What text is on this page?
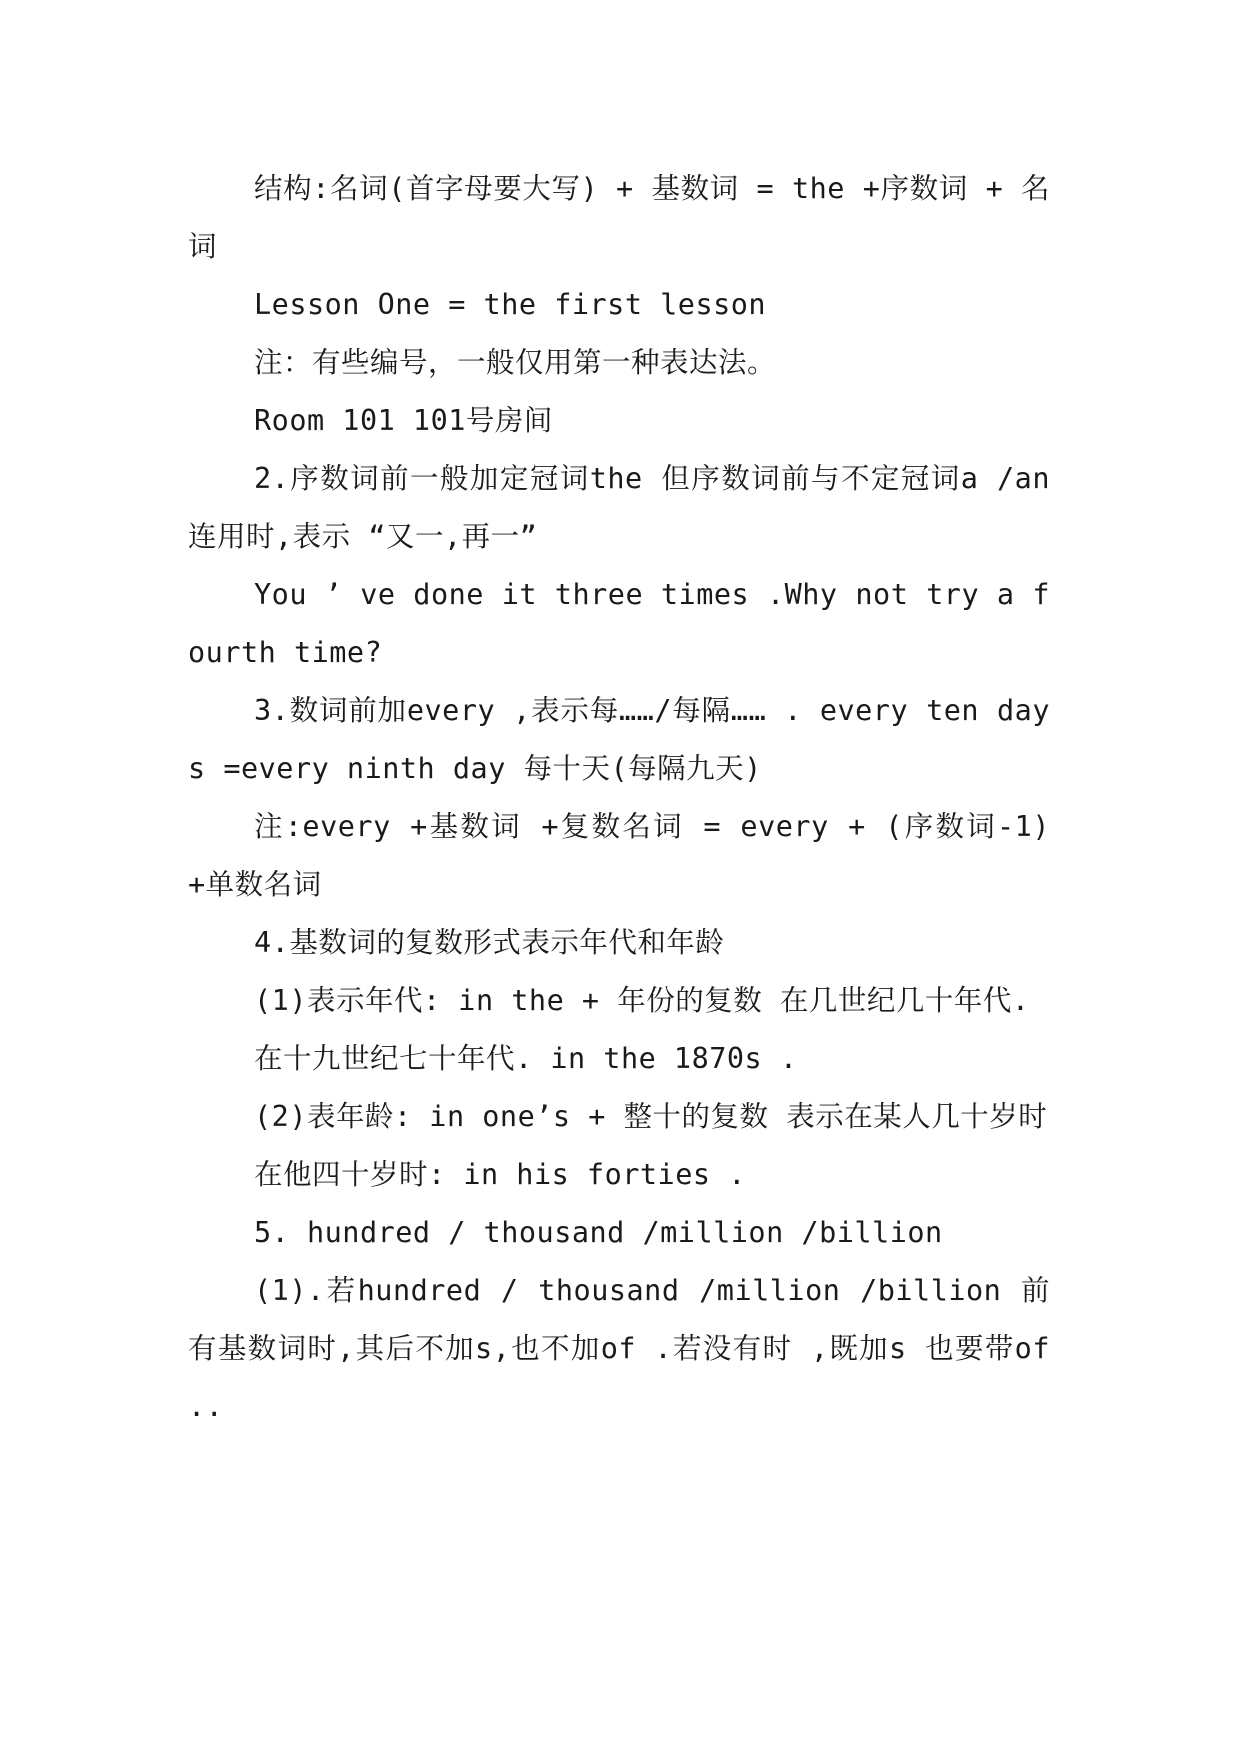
结构:名词(首字母要大写) + 基数词 = the +序数词 + 名词

Lesson One = the first lesson

注：有些编号，一般仅用第一种表达法。

Room 101 101号房间

2.序数词前一般加定冠词the 但序数词前与不定冠词a /an 连用时,表示 “又一,再一”

You ’ ve done it three times .Why not try a fourth time?

3.数词前加every ,表示每……/每隔…… . every ten days =every ninth day 每十天(每隔九天)

注:every +基数词 +复数名词 = every + (序数词-1) +单数名词

4.基数词的复数形式表示年代和年龄

(1)表示年代: in the + 年份的复数 在几世纪几十年代.

在十九世纪七十年代. in the 1870s .

(2)表年龄: in one’s + 整十的复数 表示在某人几十岁时

在他四十岁时: in his forties .

5. hundred / thousand /million /billion

(1).若hundred / thousand /million /billion 前有基数词时,其后不加s,也不加of .若没有时 ,既加s 也要带of ..
